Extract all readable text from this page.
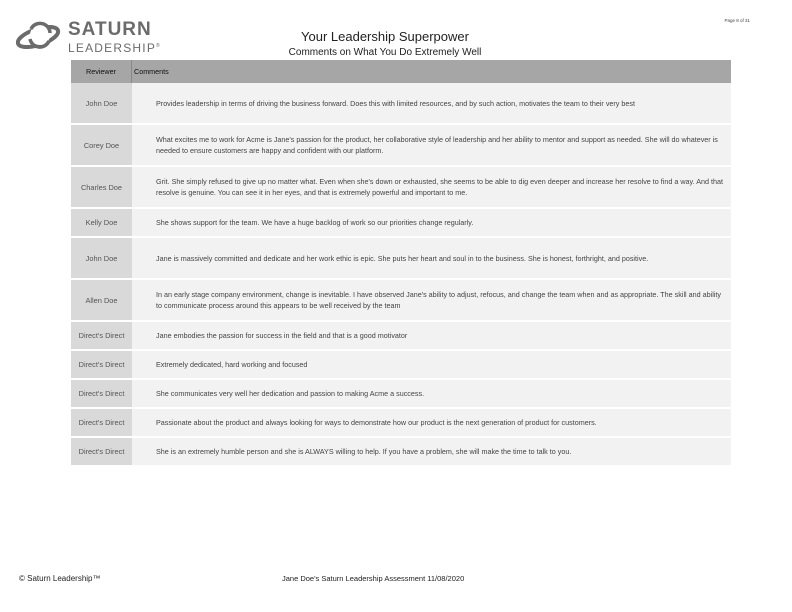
SATURN
LEADERSHIP®
Page 8 of 31
Your Leadership Superpower
Comments on What You Do Extremely Well
Reviewer	Comments
John Doe	Provides leadership in terms of driving the business forward. Does this with limited resources, and by such action, motivates the team to their very best
Corey Doe	What excites me to work for Acme is Jane's passion for the product, her collaborative style of leadership and her ability to mentor and support as needed. She will do whatever is needed to ensure customers are happy and confident with our platform.
Charles Doe	Grit. She simply refused to give up no matter what. Even when she's down or exhausted, she seems to be able to dig even deeper and increase her resolve to find a way. And that resolve is genuine. You can see it in her eyes, and that is extremely powerful and important to me.
Kelly Doe	She shows support for the team. We have a huge backlog of work so our priorities change regularly.
John Doe	Jane is massively committed and dedicate and her work ethic is epic. She puts her heart and soul in to the business. She is honest, forthright, and positive.
Allen Doe	In an early stage company environment, change is inevitable. I have observed Jane's ability to adjust, refocus, and change the team when and as appropriate. The skill and ability to communicate process around this appears to be well received by the team
Direct's Direct	Jane embodies the passion for success in the field and that is a good motivator
Direct's Direct	Extremely dedicated, hard working and focused
Direct's Direct	She communicates very well her dedication and passion to making Acme a success.
Direct's Direct	Passionate about the product and always looking for ways to demonstrate how our product is the next generation of product for customers.
Direct's Direct	She is an extremely humble person and she is ALWAYS willing to help. If you have a problem, she will make the time to talk to you.
© Saturn Leadership™	Jane Doe's Saturn Leadership Assessment 11/08/2020
